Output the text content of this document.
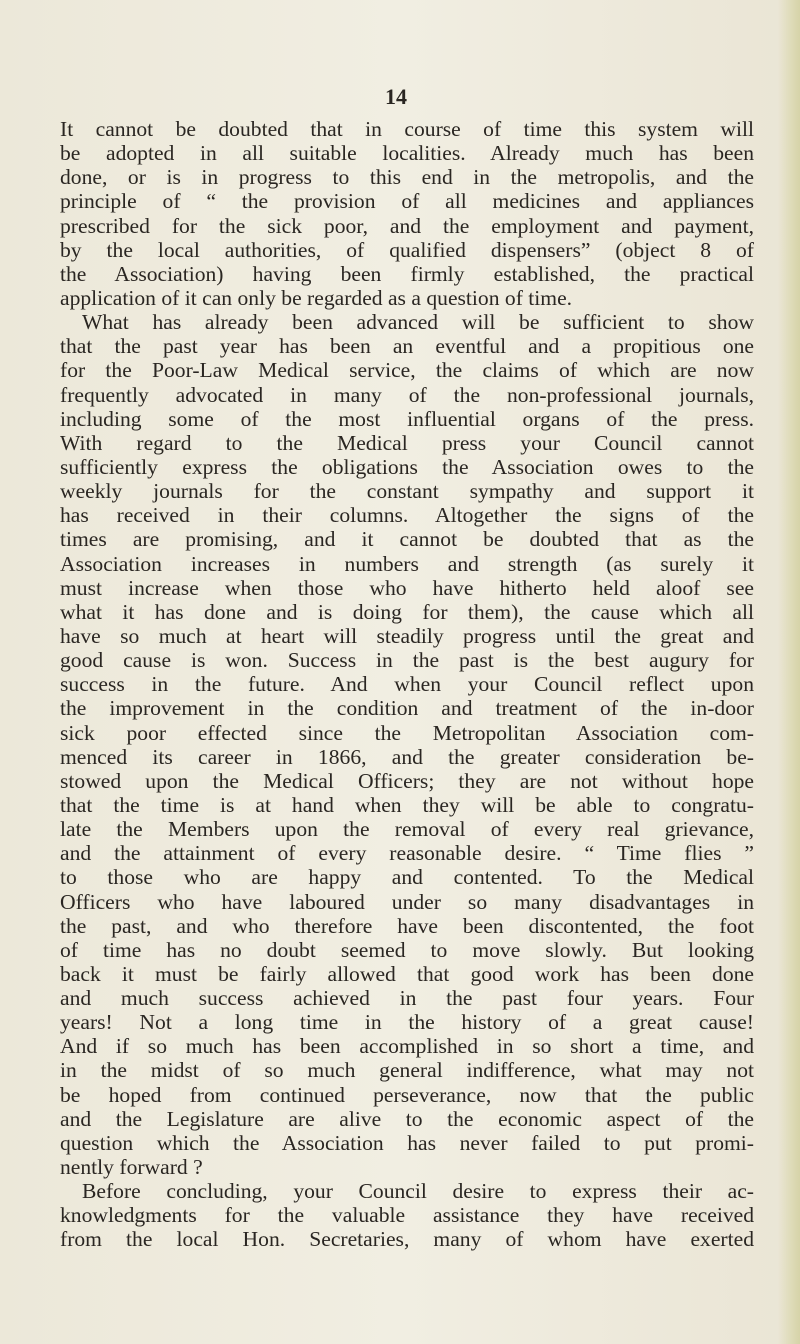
14

It cannot be doubted that in course of time this system will

be adopted in all suitable localities. Already much has been

done, or is in progress to this end in the metropolis, and the

principle of “ the provision of all medicines and appliances

prescribed for the sick poor, and the employment and payment,

by the local authorities, of qualified dispensers” (object 8 of

the Association) having been firmly established, the practical

application of it can only be regarded as a question of time.

What has already been advanced will be sufficient to show

that the past year has been an eventful and a propitious one

for the Poor-Law Medical service, the claims of which are now

frequently advocated in many of the non-professional journals,

including some of the most influential organs of the press.

With regard to the Medical press your Council cannot

sufficiently express the obligations the Association owes to the

weekly journals for the constant sympathy and support it

has received in their columns. Altogether the signs of the

times are promising, and it cannot be doubted that as the

Association increases in numbers and strength (as surely it

must increase when those who have hitherto held aloof see

what it has done and is doing for them), the cause which all

have so much at heart will steadily progress until the great and

good cause is won. Success in the past is the best augury for

success in the future. And when your Council reflect upon

the improvement in the condition and treatment of the in-door

sick poor effected since the Metropolitan Association com-

menced its career in 1866, and the greater consideration be-

stowed upon the Medical Officers; they are not without hope

that the time is at hand when they will be able to congratu-

late the Members upon the removal of every real grievance,

and the attainment of every reasonable desire. “ Time flies ”

to those who are happy and contented. To the Medical

Officers who have laboured under so many disadvantages in

the past, and who therefore have been discontented, the foot

of time has no doubt seemed to move slowly. But looking

back it must be fairly allowed that good work has been done

and much success achieved in the past four years. Four

years! Not a long time in the history of a great cause!

And if so much has been accomplished in so short a time, and

in the midst of so much general indifference, what may not

be hoped from continued perseverance, now that the public

and the Legislature are alive to the economic aspect of the

question which the Association has never failed to put promi-

nently forward ?

Before concluding, your Council desire to express their ac-

knowledgments for the valuable assistance they have received

from the local Hon. Secretaries, many of whom have exerted
